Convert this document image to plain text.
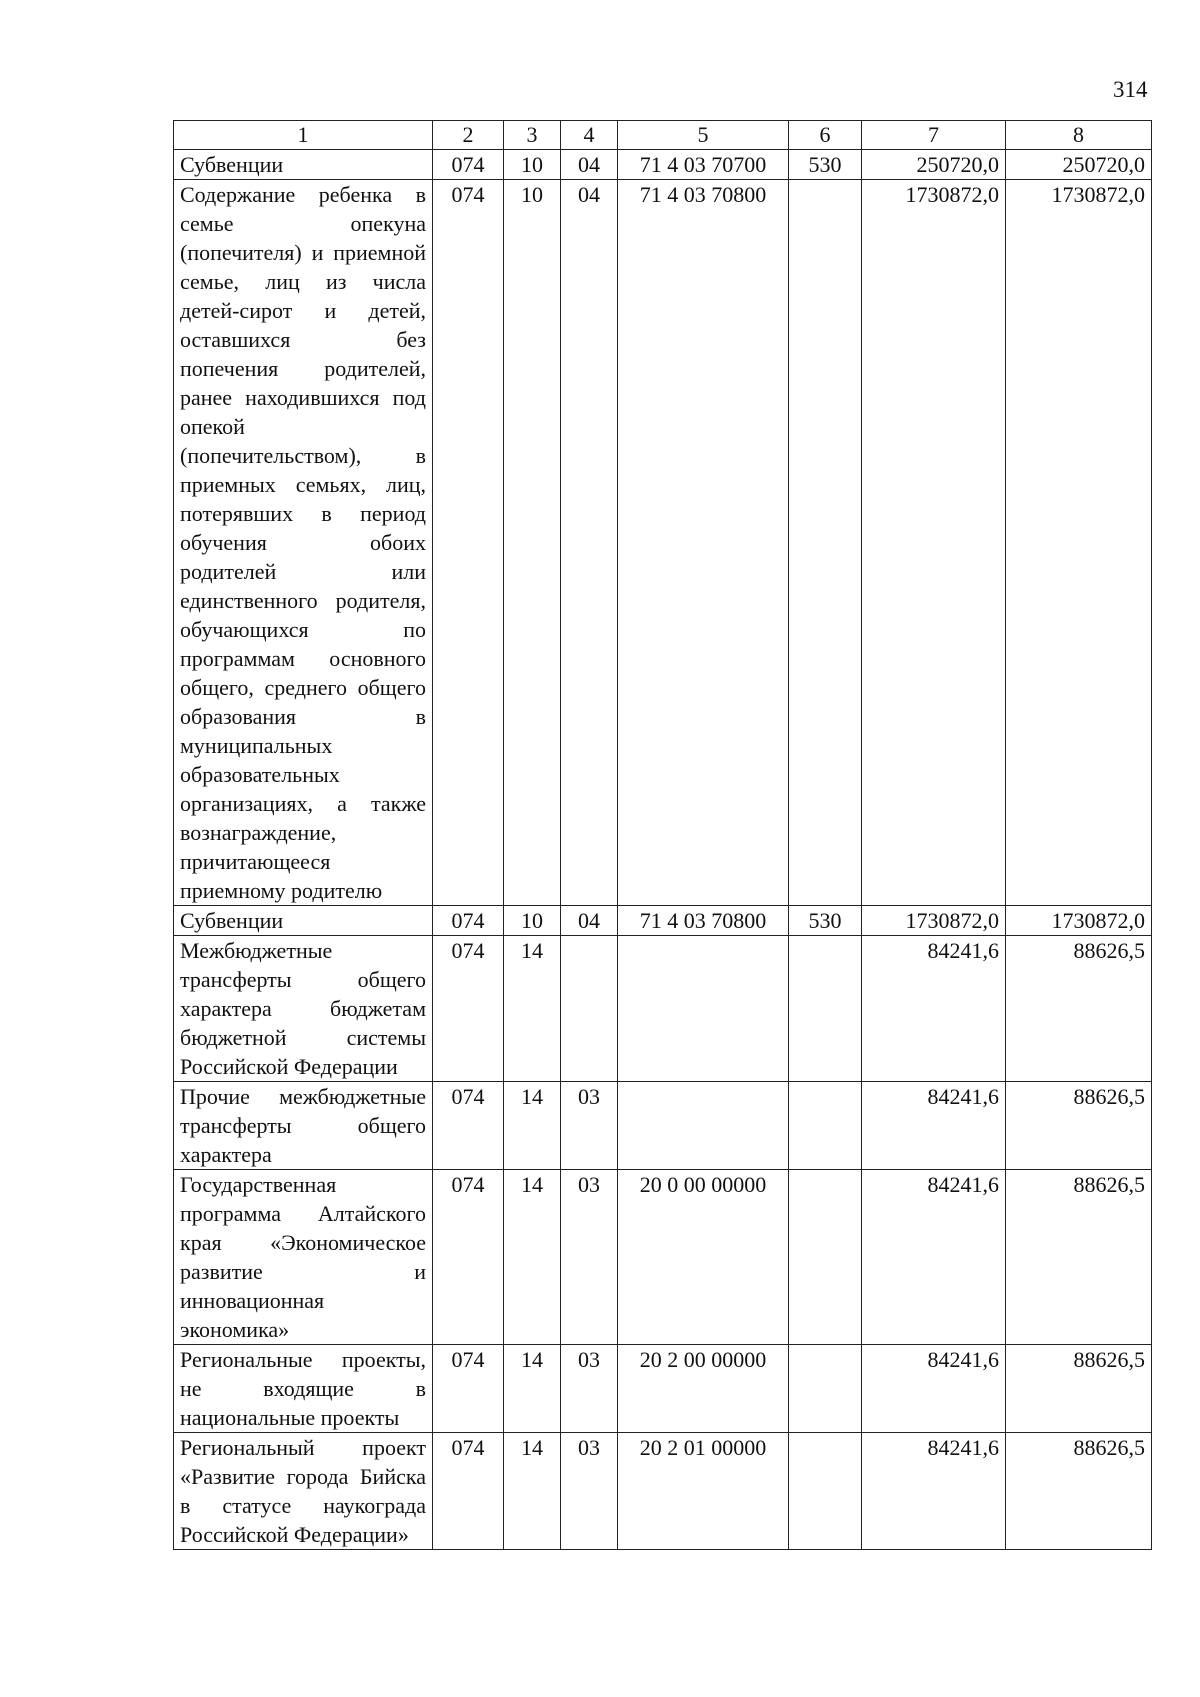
314
1	2	3	4	5	6	7	8
Субвенции	074	10	04	71 4 03 70700	530	250720,0	250720,0
Содержание ребенка в семье опекуна (попечителя) и приемной семье, лиц из числа детей-сирот и детей, оставшихся без попечения родителей, ранее находившихся под опекой (попечительством), в приемных семьях, лиц, потерявших в период обучения обоих родителей или единственного родителя, обучающихся по программам основного общего, среднего общего образования в муниципальных образовательных организациях, а также вознаграждение, причитающееся приемному родителю	074	10	04	71 4 03 70800		1730872,0	1730872,0
Субвенции	074	10	04	71 4 03 70800	530	1730872,0	1730872,0
Межбюджетные трансферты общего характера бюджетам бюджетной системы Российской Федерации	074	14				84241,6	88626,5
Прочие межбюджетные трансферты общего характера	074	14	03			84241,6	88626,5
Государственная программа Алтайского края «Экономическое развитие и инновационная экономика»	074	14	03	20 0 00 00000		84241,6	88626,5
Региональные проекты, не входящие в национальные проекты	074	14	03	20 2 00 00000		84241,6	88626,5
Региональный проект «Развитие города Бийска в статусе наукограда Российской Федерации»	074	14	03	20 2 01 00000		84241,6	88626,5
